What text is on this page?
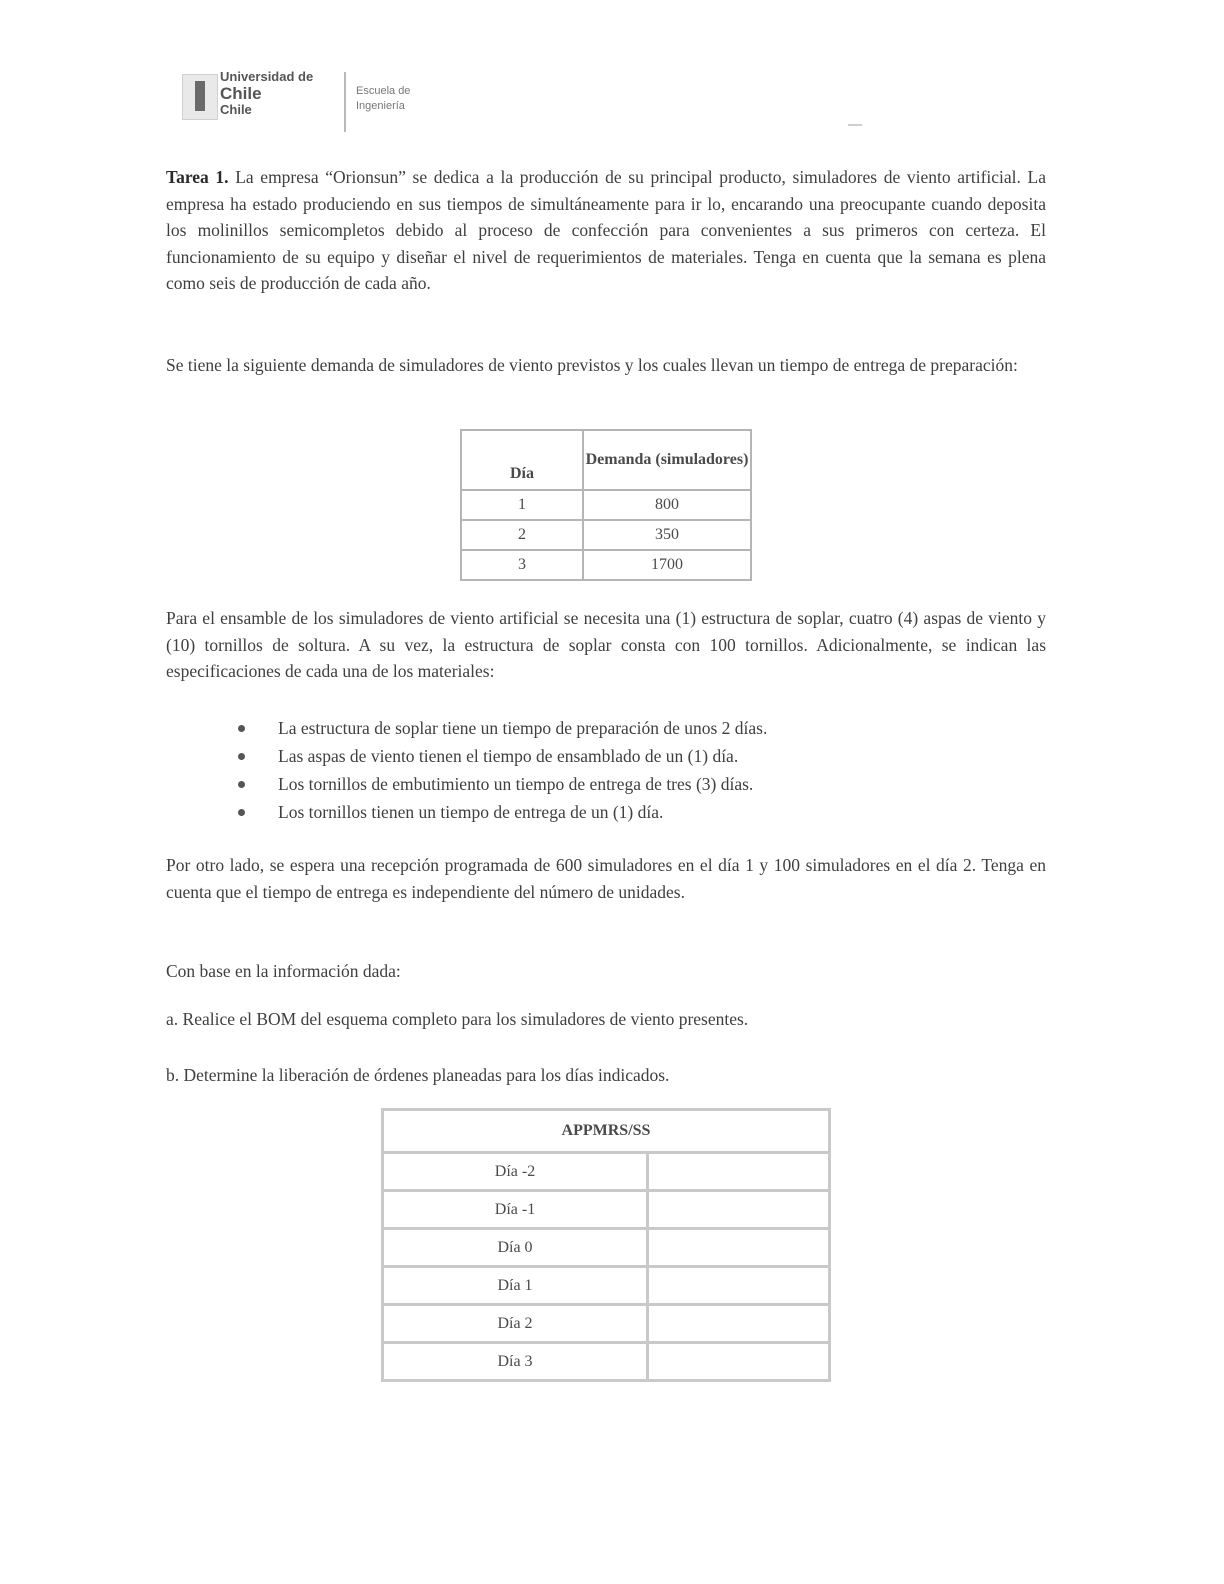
Universidad de
Chile
Chile
Escuela de
Ingeniería

Tarea 1. La empresa “Orionsun” se dedica a la producción de su principal producto, simuladores de viento artificial. La empresa ha estado produciendo en sus tiempos de simultáneamente para ir lo, encarando una preocupante cuando deposita los molinillos semicompletos debido al proceso de confección para convenientes a sus primeros con certeza. El funcionamiento de su equipo y diseñar el nivel de requerimientos de materiales. Tenga en cuenta que la semana es plena como seis de producción de cada año.

Se tiene la siguiente demanda de simuladores de viento previstos y los cuales llevan un tiempo de entrega de preparación:

Día	Demanda (simuladores)
1	800
2	350
3	1700

Para el ensamble de los simuladores de viento artificial se necesita una (1) estructura de soplar, cuatro (4) aspas de viento y (10) tornillos de soltura. A su vez, la estructura de soplar consta con 100 tornillos. Adicionalmente, se indican las especificaciones de cada una de los materiales:

La estructura de soplar tiene un tiempo de preparación de unos 2 días.
Las aspas de viento tienen el tiempo de ensamblado de un (1) día.
Los tornillos de embutimiento un tiempo de entrega de tres (3) días.
Los tornillos tienen un tiempo de entrega de un (1) día.

Por otro lado, se espera una recepción programada de 600 simuladores en el día 1 y 100 simuladores en el día 2. Tenga en cuenta que el tiempo de entrega es independiente del número de unidades.

Con base en la información dada:

a. Realice el BOM del esquema completo para los simuladores de viento presentes.

b. Determine la liberación de órdenes planeadas para los días indicados.

APPMRS/SS	
Día -2	
Día -1	
Día 0	
Día 1	
Día 2	
Día 3	
